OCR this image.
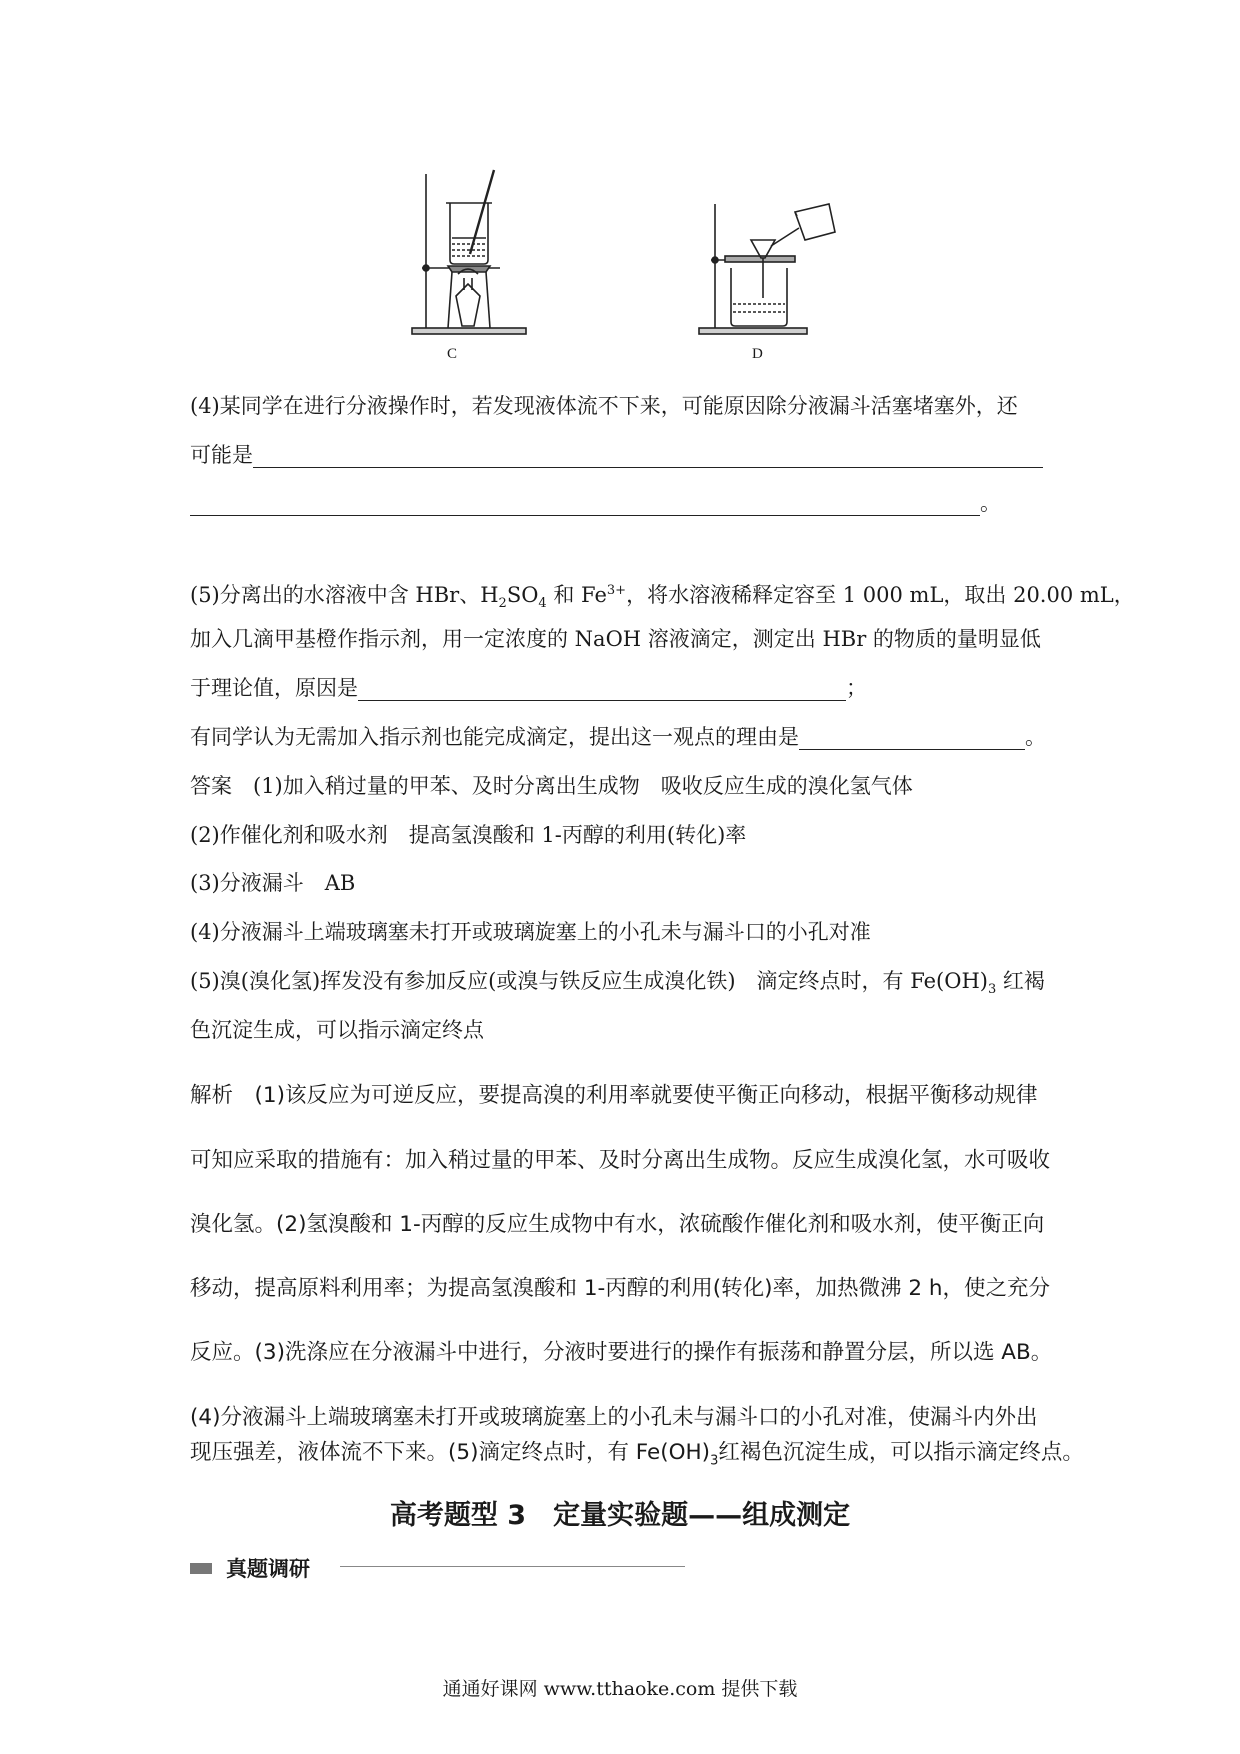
C	D
(4)某同学在进行分液操作时，若发现液体流不下来，可能原因除分液漏斗活塞堵塞外，还
可能是
。
(5)分离出的水溶液中含 HBr、$H_2SO_4$ 和 $Fe^{3+}$，将水溶液稀释定容至 1 000 mL，取出 20.00 mL，
加入几滴甲基橙作指示剂，用一定浓度的 NaOH 溶液滴定，测定出 HBr 的物质的量明显低
于理论值，原因是	；
有同学认为无需加入指示剂也能完成滴定，提出这一观点的理由是	。
答案　(1)加入稍过量的甲苯、及时分离出生成物　吸收反应生成的溴化氢气体
(2)作催化剂和吸水剂　提高氢溴酸和 1-丙醇的利用(转化)率
(3)分液漏斗　AB
(4)分液漏斗上端玻璃塞未打开或玻璃旋塞上的小孔未与漏斗口的小孔对准
(5)溴(溴化氢)挥发没有参加反应(或溴与铁反应生成溴化铁)　滴定终点时，有 $Fe(OH)_3$ 红褐
色沉淀生成，可以指示滴定终点
解析　(1)该反应为可逆反应，要提高溴的利用率就要使平衡正向移动，根据平衡移动规律
可知应采取的措施有：加入稍过量的甲苯、及时分离出生成物。反应生成溴化氢，水可吸收
溴化氢。(2)氢溴酸和 1-丙醇的反应生成物中有水，浓硫酸作催化剂和吸水剂，使平衡正向
移动，提高原料利用率；为提高氢溴酸和 1-丙醇的利用(转化)率，加热微沸 2 h，使之充分
反应。(3)洗涤应在分液漏斗中进行，分液时要进行的操作有振荡和静置分层，所以选 AB。
(4)分液漏斗上端玻璃塞未打开或玻璃旋塞上的小孔未与漏斗口的小孔对准，使漏斗内外出
现压强差，液体流不下来。(5)滴定终点时，有 $Fe(OH)_3$红褐色沉淀生成，可以指示滴定终点。
高考题型 3　定量实验题——组成测定
真题调研
通通好课网 www.tthaoke.com 提供下载
